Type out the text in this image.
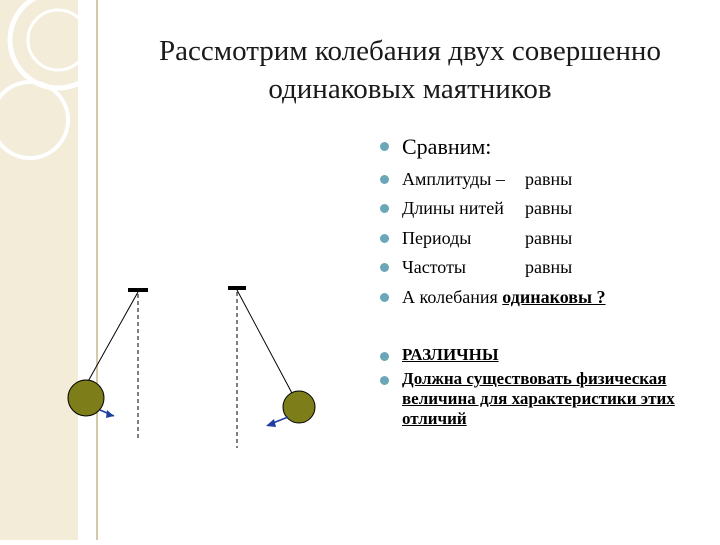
Рассмотрим колебания двух совершенно одинаковых маятников
Сравним:
Амплитуды – равны
Длины нитей равны
Периоды	равны
Частоты	равны
А колебания одинаковы ?
РАЗЛИЧНЫ
Должна существовать физическая величина для характеристики этих отличий
